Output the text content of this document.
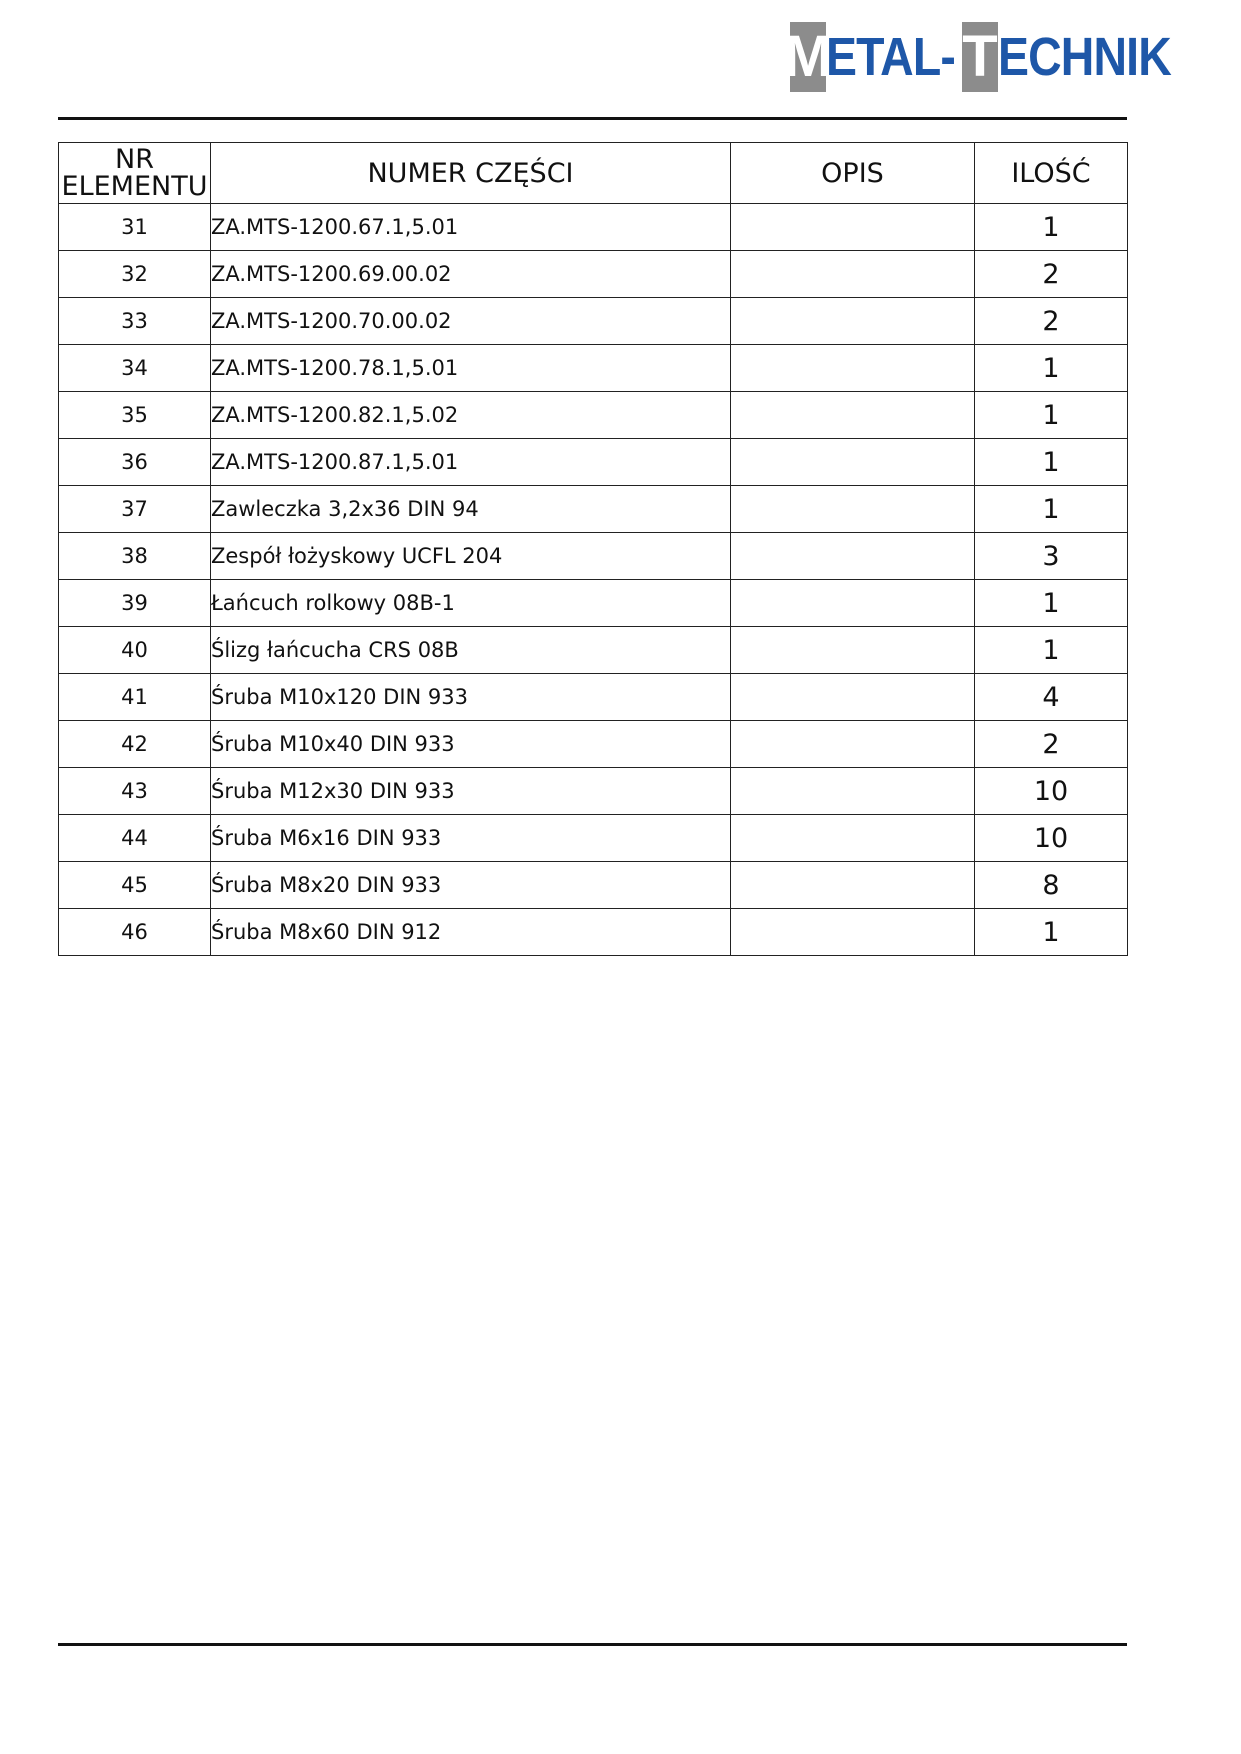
M
ETAL- T ECHNIK
NR
ELEMENTU	NUMER CZĘŚCI	OPIS	ILOŚĆ
31	ZA.MTS-1200.67.1,5.01		1
32	ZA.MTS-1200.69.00.02		2
33	ZA.MTS-1200.70.00.02		2
34	ZA.MTS-1200.78.1,5.01		1
35	ZA.MTS-1200.82.1,5.02		1
36	ZA.MTS-1200.87.1,5.01		1
37	Zawleczka 3,2x36 DIN 94		1
38	Zespół łożyskowy UCFL 204		3
39	Łańcuch rolkowy 08B-1		1
40	Ślizg łańcucha CRS 08B		1
41	Śruba M10x120 DIN 933		4
42	Śruba M10x40 DIN 933		2
43	Śruba M12x30 DIN 933		10
44	Śruba M6x16 DIN 933		10
45	Śruba M8x20 DIN 933		8
46	Śruba M8x60 DIN 912		1
